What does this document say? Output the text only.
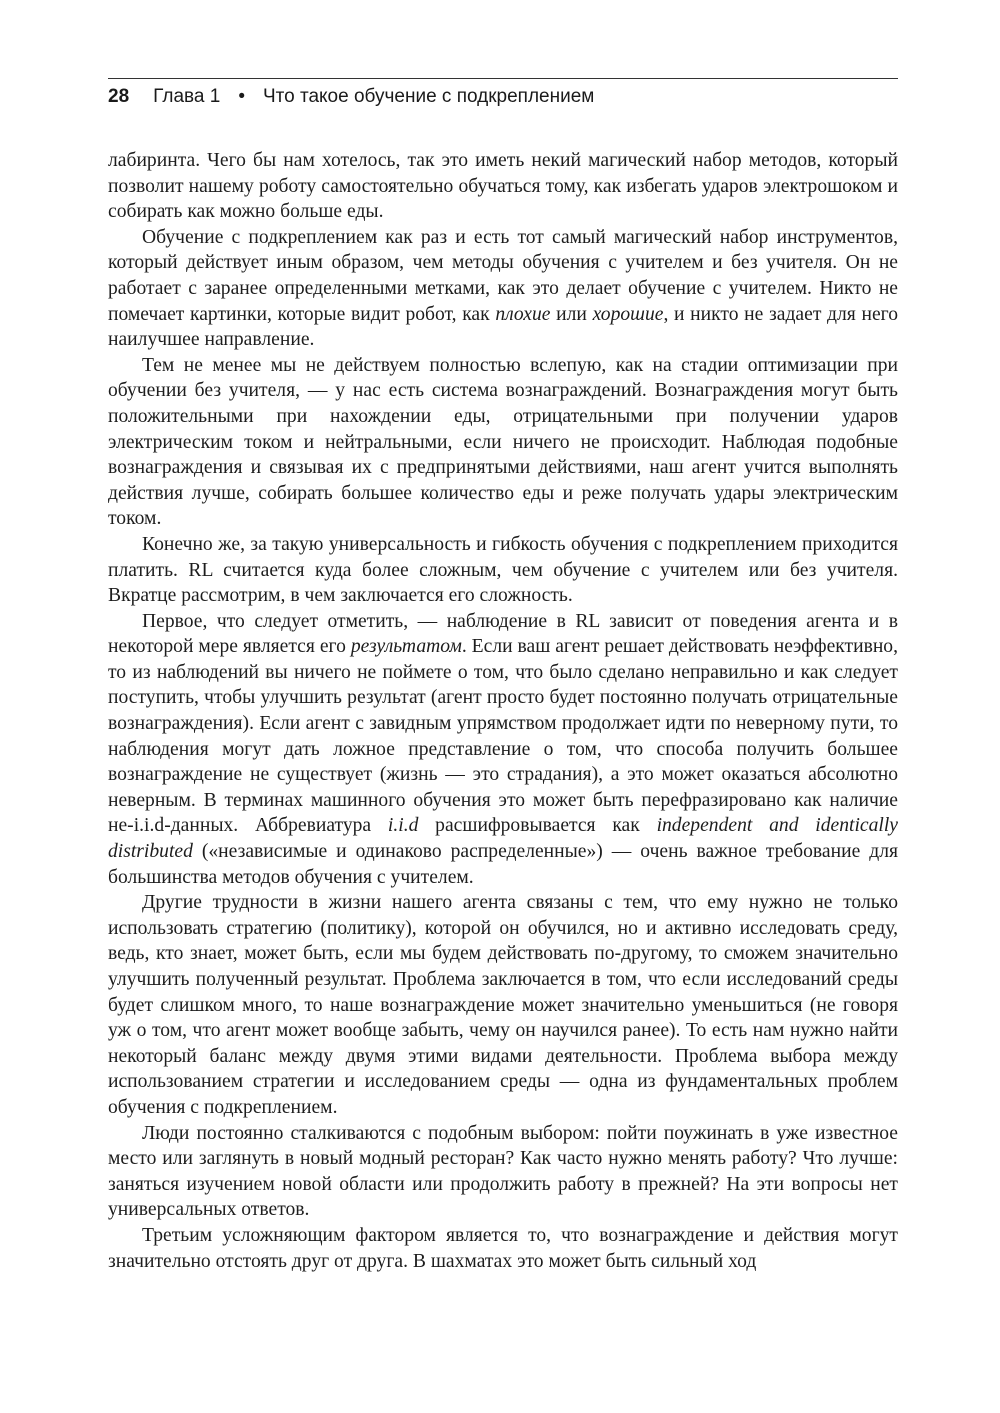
28 Глава 1 • Что такое обучение с подкреплением

лабиринта. Чего бы нам хотелось, так это иметь некий магический набор методов, который позволит нашему роботу самостоятельно обучаться тому, как избегать ударов электрошоком и собирать как можно больше еды.

Обучение с подкреплением как раз и есть тот самый магический набор инструментов, который действует иным образом, чем методы обучения с учителем и без учителя. Он не работает с заранее определенными метками, как это делает обучение с учителем. Никто не помечает картинки, которые видит робот, как плохие или хорошие, и никто не задает для него наилучшее направление.

Тем не менее мы не действуем полностью вслепую, как на стадии оптимизации при обучении без учителя, — у нас есть система вознаграждений. Вознаграждения могут быть положительными при нахождении еды, отрицательными при получении ударов электрическим током и нейтральными, если ничего не происходит. Наблюдая подобные вознаграждения и связывая их с предпринятыми действиями, наш агент учится выполнять действия лучше, собирать большее количество еды и реже получать удары электрическим током.

Конечно же, за такую универсальность и гибкость обучения с подкреплением приходится платить. RL считается куда более сложным, чем обучение с учителем или без учителя. Вкратце рассмотрим, в чем заключается его сложность.

Первое, что следует отметить, — наблюдение в RL зависит от поведения агента и в некоторой мере является его результатом. Если ваш агент решает действовать неэффективно, то из наблюдений вы ничего не поймете о том, что было сделано неправильно и как следует поступить, чтобы улучшить результат (агент просто будет постоянно получать отрицательные вознаграждения). Если агент с завидным упрямством продолжает идти по неверному пути, то наблюдения могут дать ложное представление о том, что способа получить большее вознаграждение не существует (жизнь — это страдания), а это может оказаться абсолютно неверным. В терминах машинного обучения это может быть перефразировано как наличие не-i.i.d-данных. Аббревиатура i.i.d расшифровывается как independent and identically distributed («независимые и одинаково распределенные») — очень важное требование для большинства методов обучения с учителем.

Другие трудности в жизни нашего агента связаны с тем, что ему нужно не только использовать стратегию (политику), которой он обучился, но и активно исследовать среду, ведь, кто знает, может быть, если мы будем действовать по-другому, то сможем значительно улучшить полученный результат. Проблема заключается в том, что если исследований среды будет слишком много, то наше вознаграждение может значительно уменьшиться (не говоря уж о том, что агент может вообще забыть, чему он научился ранее). То есть нам нужно найти некоторый баланс между двумя этими видами деятельности. Проблема выбора между использованием стратегии и исследованием среды — одна из фундаментальных проблем обучения с подкреплением.

Люди постоянно сталкиваются с подобным выбором: пойти поужинать в уже известное место или заглянуть в новый модный ресторан? Как часто нужно менять работу? Что лучше: заняться изучением новой области или продолжить работу в прежней? На эти вопросы нет универсальных ответов.

Третьим усложняющим фактором является то, что вознаграждение и действия могут значительно отстоять друг от друга. В шахматах это может быть сильный ход
